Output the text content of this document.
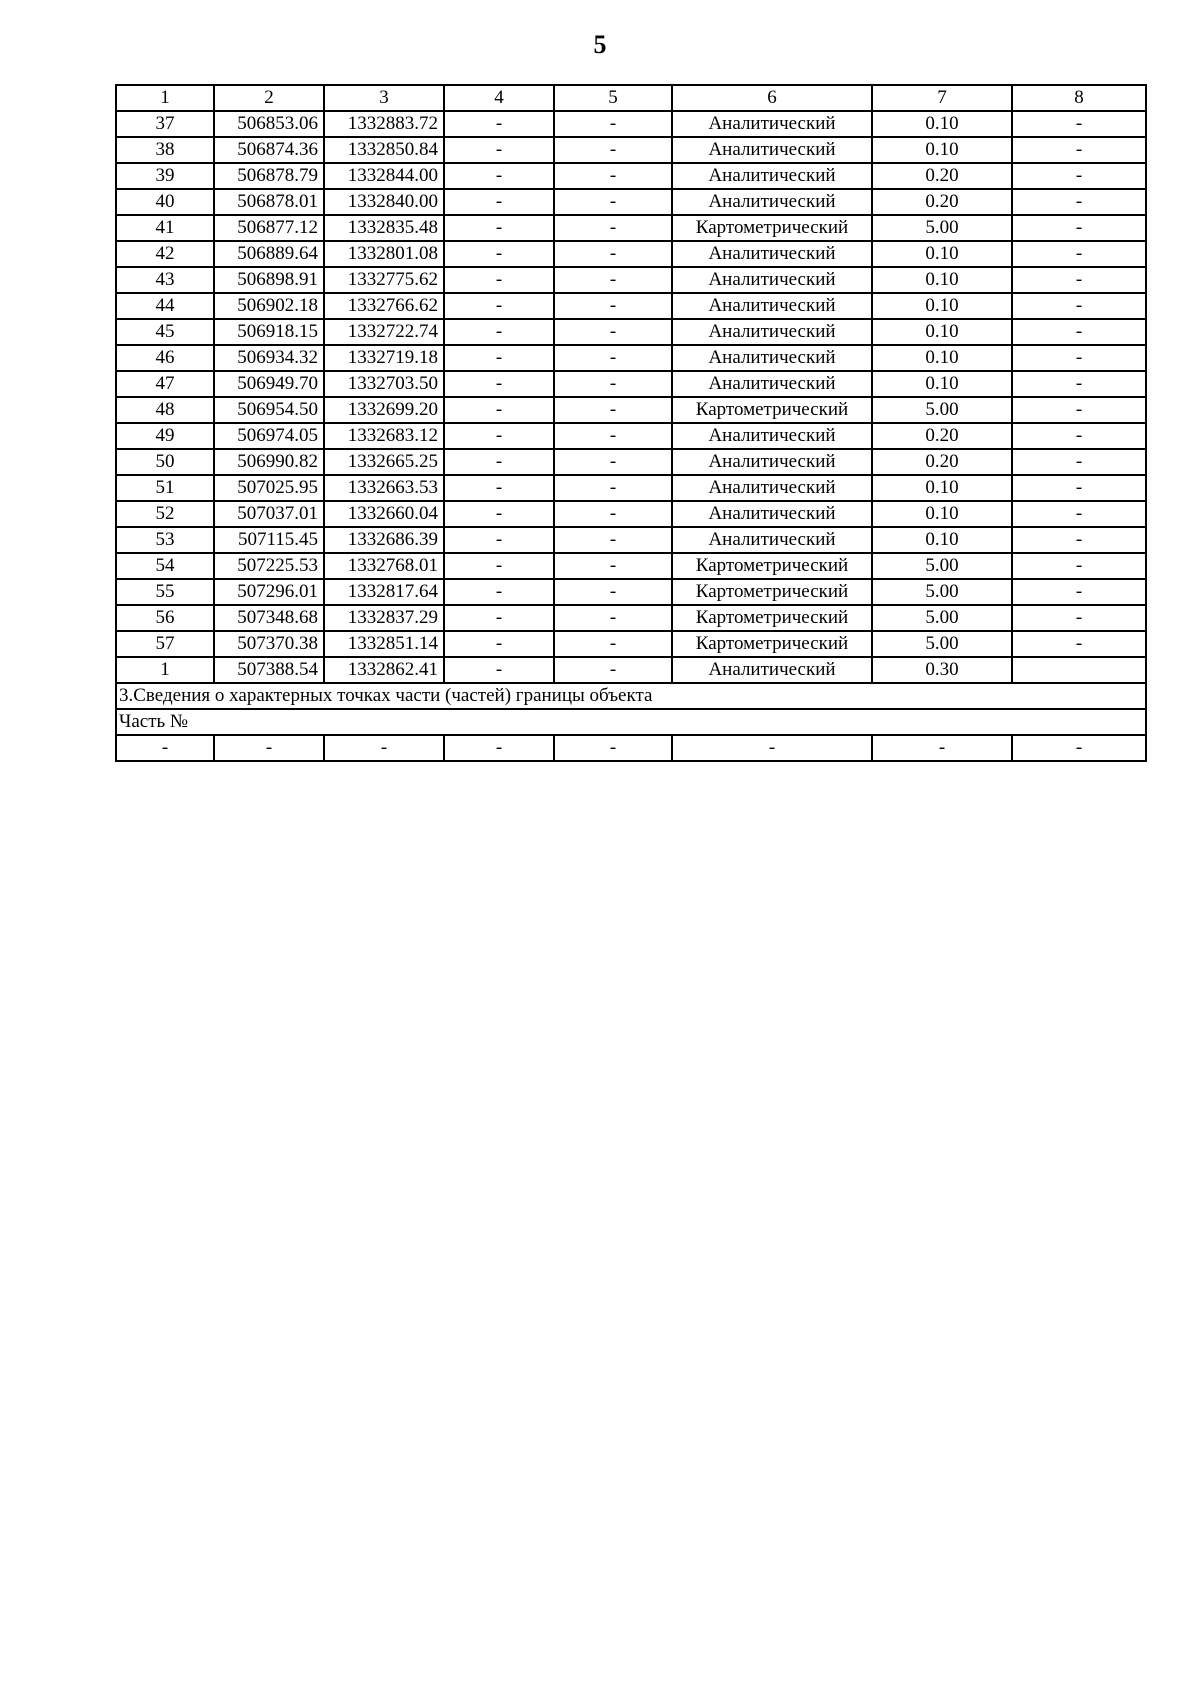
5
1	2	3	4	5	6	7	8
37	506853.06	1332883.72	-	-	Аналитический	0.10	-
38	506874.36	1332850.84	-	-	Аналитический	0.10	-
39	506878.79	1332844.00	-	-	Аналитический	0.20	-
40	506878.01	1332840.00	-	-	Аналитический	0.20	-
41	506877.12	1332835.48	-	-	Картометрический	5.00	-
42	506889.64	1332801.08	-	-	Аналитический	0.10	-
43	506898.91	1332775.62	-	-	Аналитический	0.10	-
44	506902.18	1332766.62	-	-	Аналитический	0.10	-
45	506918.15	1332722.74	-	-	Аналитический	0.10	-
46	506934.32	1332719.18	-	-	Аналитический	0.10	-
47	506949.70	1332703.50	-	-	Аналитический	0.10	-
48	506954.50	1332699.20	-	-	Картометрический	5.00	-
49	506974.05	1332683.12	-	-	Аналитический	0.20	-
50	506990.82	1332665.25	-	-	Аналитический	0.20	-
51	507025.95	1332663.53	-	-	Аналитический	0.10	-
52	507037.01	1332660.04	-	-	Аналитический	0.10	-
53	507115.45	1332686.39	-	-	Аналитический	0.10	-
54	507225.53	1332768.01	-	-	Картометрический	5.00	-
55	507296.01	1332817.64	-	-	Картометрический	5.00	-
56	507348.68	1332837.29	-	-	Картометрический	5.00	-
57	507370.38	1332851.14	-	-	Картометрический	5.00	-
1	507388.54	1332862.41	-	-	Аналитический	0.30	
3.Сведения о характерных точках части (частей) границы объекта							
Часть №							
-	-	-	-	-	-	-	-
